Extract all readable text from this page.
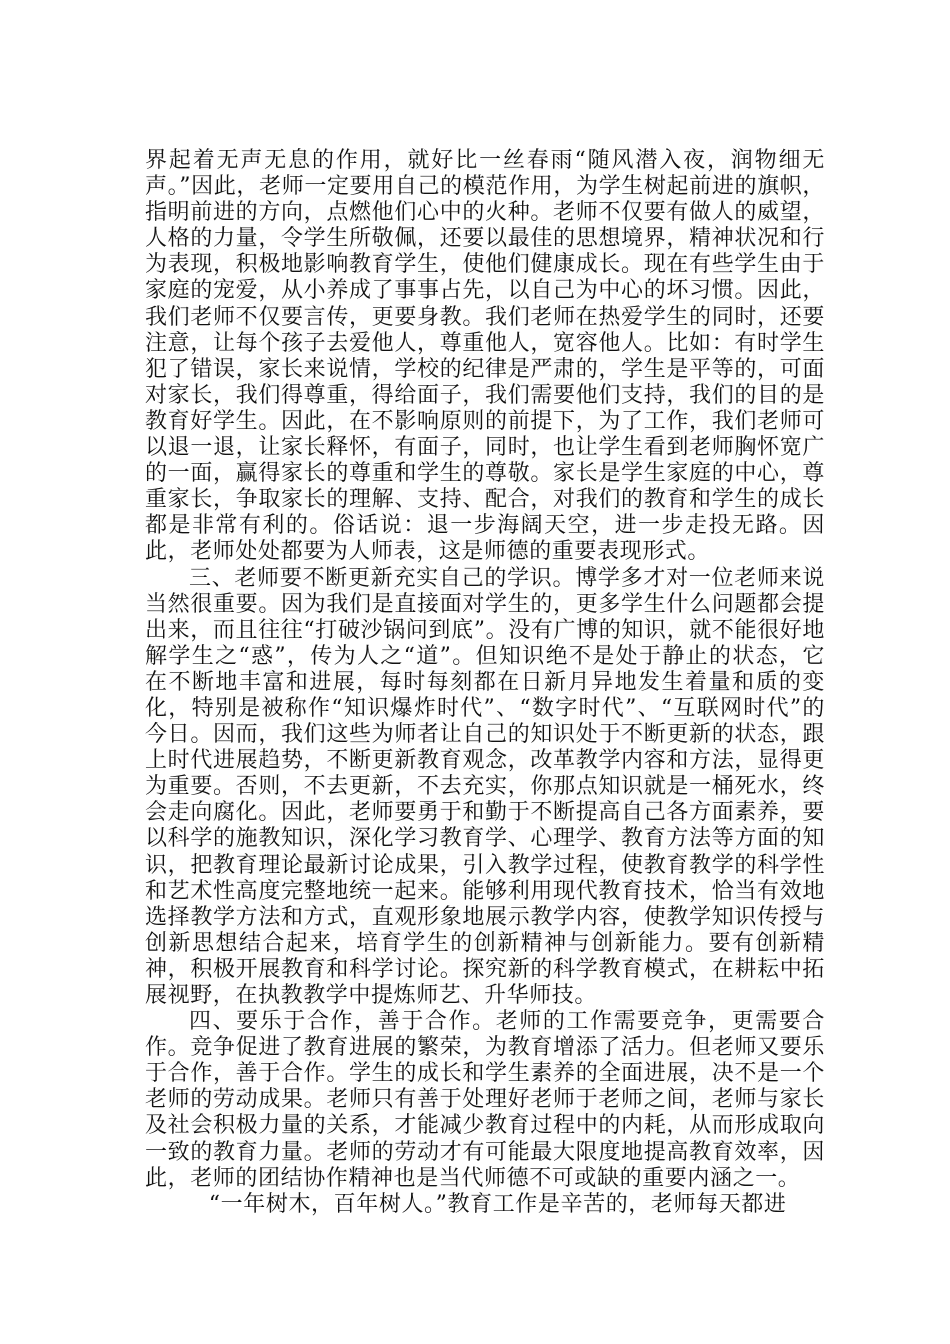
界起着无声无息的作用，就好比一丝春雨“随风潜入夜，润物细无声。”因此，老师一定要用自己的模范作用，为学生树起前进的旗帜，指明前进的方向，点燃他们心中的火种。老师不仅要有做人的威望，人格的力量，令学生所敬佩，还要以最佳的思想境界，精神状况和行为表现，积极地影响教育学生，使他们健康成长。现在有些学生由于家庭的宠爱，从小养成了事事占先，以自己为中心的坏习惯。因此，我们老师不仅要言传，更要身教。我们老师在热爱学生的同时，还要注意，让每个孩子去爱他人，尊重他人，宽容他人。比如：有时学生犯了错误，家长来说情，学校的纪律是严肃的，学生是平等的，可面对家长，我们得尊重，得给面子，我们需要他们支持，我们的目的是教育好学生。因此，在不影响原则的前提下，为了工作，我们老师可以退一退，让家长释怀，有面子，同时，也让学生看到老师胸怀宽广的一面，赢得家长的尊重和学生的尊敬。家长是学生家庭的中心，尊重家长，争取家长的理解、支持、配合，对我们的教育和学生的成长都是非常有利的。俗话说：退一步海阔天空，进一步走投无路。因此，老师处处都要为人师表，这是师德的重要表现形式。

三、老师要不断更新充实自己的学识。博学多才对一位老师来说当然很重要。因为我们是直接面对学生的，更多学生什么问题都会提出来，而且往往“打破沙锅问到底”。没有广博的知识，就不能很好地解学生之“惑”，传为人之“道”。但知识绝不是处于静止的状态，它在不断地丰富和进展，每时每刻都在日新月异地发生着量和质的变化，特别是被称作“知识爆炸时代”、“数字时代”、“互联网时代”的今日。因而，我们这些为师者让自己的知识处于不断更新的状态，跟上时代进展趋势，不断更新教育观念，改革教学内容和方法，显得更为重要。否则，不去更新，不去充实，你那点知识就是一桶死水，终会走向腐化。因此，老师要勇于和勤于不断提高自己各方面素养，要以科学的施教知识，深化学习教育学、心理学、教育方法等方面的知识，把教育理论最新讨论成果，引入教学过程，使教育教学的科学性和艺术性高度完整地统一起来。能够利用现代教育技术，恰当有效地选择教学方法和方式，直观形象地展示教学内容，使教学知识传授与创新思想结合起来，培育学生的创新精神与创新能力。要有创新精神，积极开展教育和科学讨论。探究新的科学教育模式，在耕耘中拓展视野，在执教教学中提炼师艺、升华师技。

四、要乐于合作，善于合作。老师的工作需要竞争，更需要合作。竞争促进了教育进展的繁荣，为教育增添了活力。但老师又要乐于合作，善于合作。学生的成长和学生素养的全面进展，决不是一个老师的劳动成果。老师只有善于处理好老师于老师之间，老师与家长及社会积极力量的关系，才能减少教育过程中的内耗，从而形成取向一致的教育力量。老师的劳动才有可能最大限度地提高教育效率，因此，老师的团结协作精神也是当代师德不可或缺的重要内涵之一。

“一年树木，百年树人。”教育工作是辛苦的，老师每天都进
